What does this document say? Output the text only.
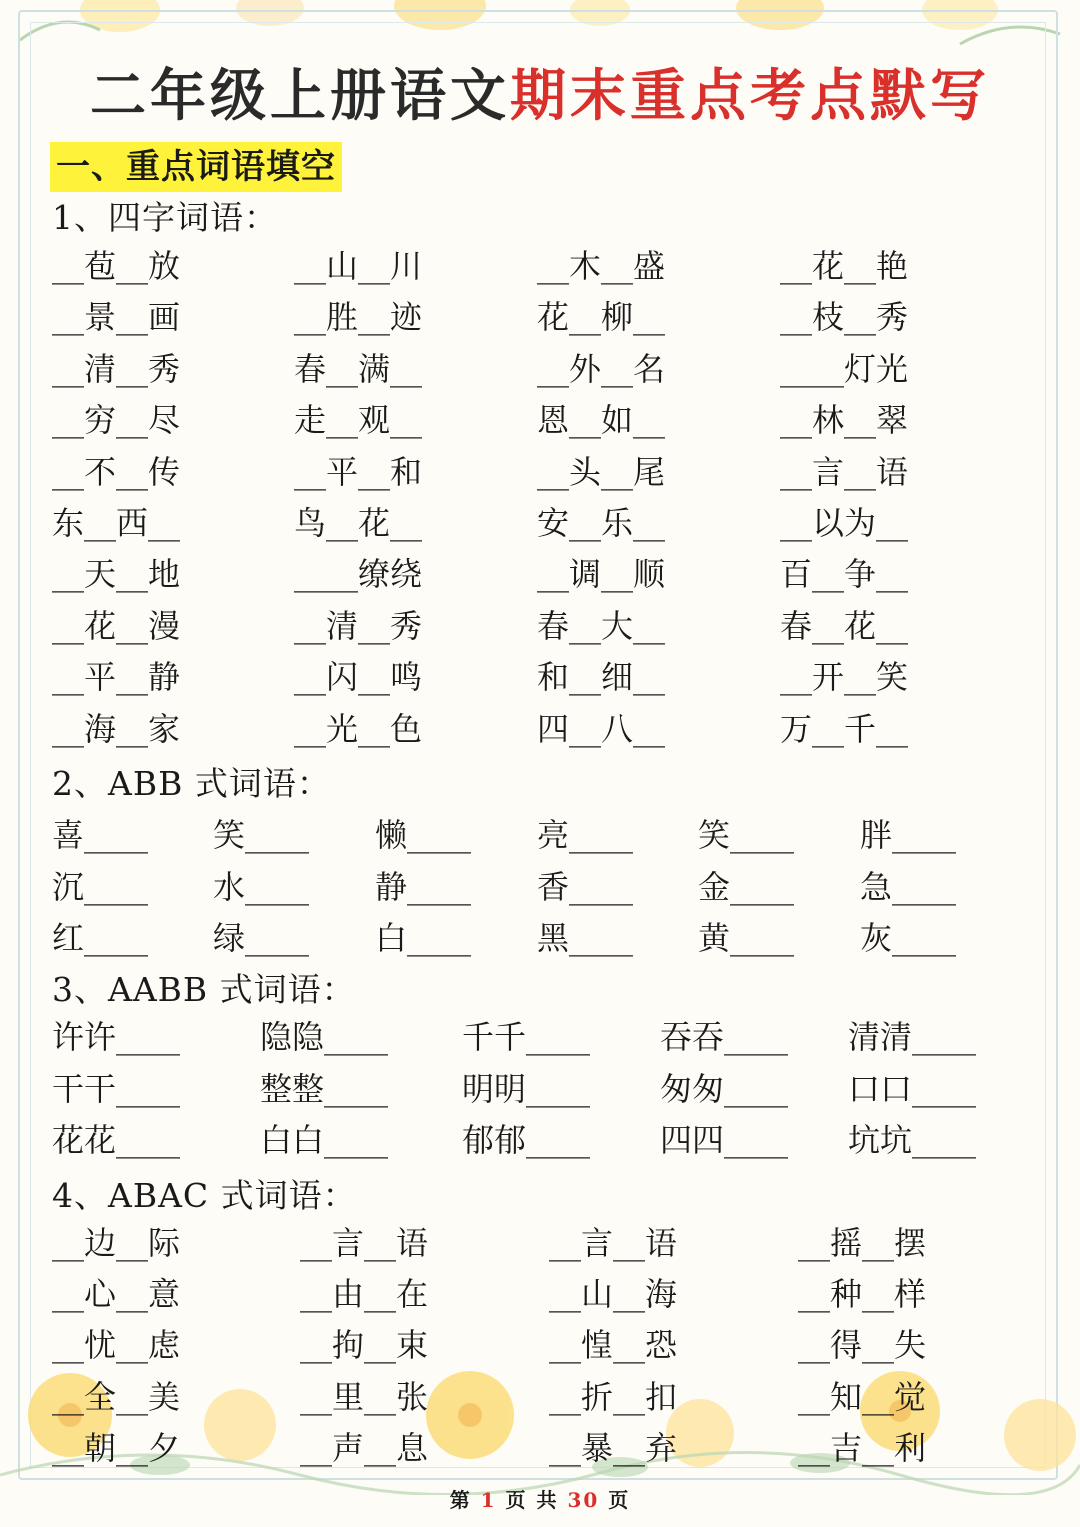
二年级上册语文期末重点考点默写
一、重点词语填空
1、四字词语：
__苞__放	__山__川	__木__盛	__花__艳
__景__画	__胜__迹	花__柳__	__枝__秀
__清__秀	春__满__	__外__名	____灯光
__穷__尽	走__观__	恩__如__	__林__翠
__不__传	__平__和	__头__尾	__言__语
东__西__	鸟__花__	安__乐__	__以为__
__天__地	____缭绕	__调__顺	百__争__
__花__漫	__清__秀	春__大__	春__花__
__平__静	__闪__鸣	和__细__	__开__笑
__海__家	__光__色	四__八__	万__千__
2、ABB 式词语：
喜____ 笑____ 懒____ 亮____ 笑____ 胖____
沉____ 水____ 静____ 香____ 金____ 急____
红____ 绿____ 白____ 黑____ 黄____ 灰____
3、AABB 式词语：
许许____ 隐隐____ 千千____ 吞吞____ 清清____
干干____ 整整____ 明明____ 匆匆____ 口口____
花花____ 白白____ 郁郁____ 四四____ 坑坑____
4、ABAC 式词语：
__边__际	__言__语	__言__语	__摇__摆
__心__意	__由__在	__山__海	__种__样
__忧__虑	__拘__束	__惶__恐	__得__失
__全__美	__里__张	__折__扣	__知__觉
__朝__夕	__声__息	__暴__弃	__吉__利
第 1 页 共 30 页
